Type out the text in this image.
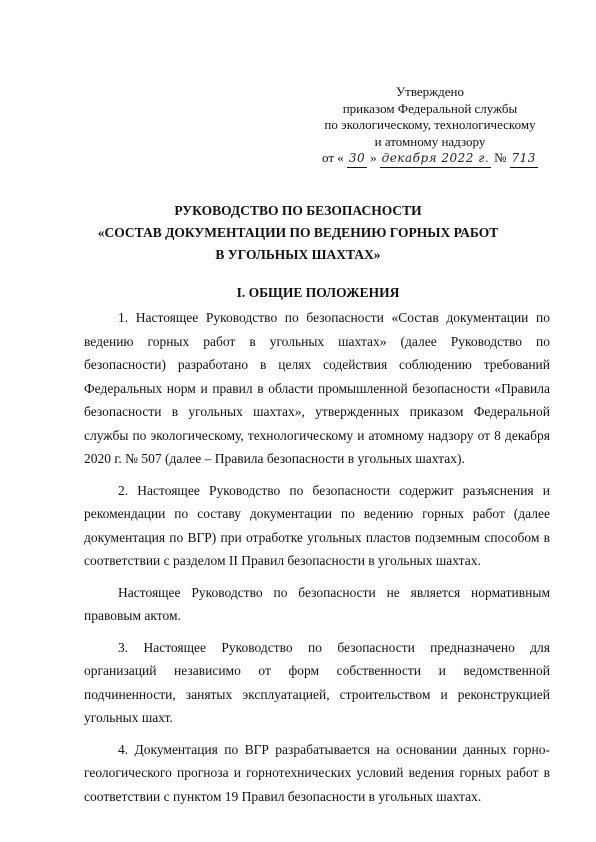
Утверждено
приказом Федеральной службы
по экологическому, технологическому
и атомному надзору
от « 30 » декабря 2022 г. № 713
РУКОВОДСТВО ПО БЕЗОПАСНОСТИ
«СОСТАВ ДОКУМЕНТАЦИИ ПО ВЕДЕНИЮ ГОРНЫХ РАБОТ
В УГОЛЬНЫХ ШАХТАХ»
I. ОБЩИЕ ПОЛОЖЕНИЯ

1. Настоящее Руководство по безопасности «Состав документации по ведению горных работ в угольных шахтах» (далее Руководство по безопасности) разработано в целях содействия соблюдению требований Федеральных норм и правил в области промышленной безопасности «Правила безопасности в угольных шахтах», утвержденных приказом Федеральной службы по экологическому, технологическому и атомному надзору от 8 декабря 2020 г. № 507 (далее – Правила безопасности в угольных шахтах).

2. Настоящее Руководство по безопасности содержит разъяснения и рекомендации по составу документации по ведению горных работ (далее документация по ВГР) при отработке угольных пластов подземным способом в соответствии с разделом II Правил безопасности в угольных шахтах.

Настоящее Руководство по безопасности не является нормативным правовым актом.

3. Настоящее Руководство по безопасности предназначено для организаций независимо от форм собственности и ведомственной подчиненности, занятых эксплуатацией, строительством и реконструкцией угольных шахт.

4. Документация по ВГР разрабатывается на основании данных горно-геологического прогноза и горнотехнических условий ведения горных работ в соответствии с пунктом 19 Правил безопасности в угольных шахтах.
